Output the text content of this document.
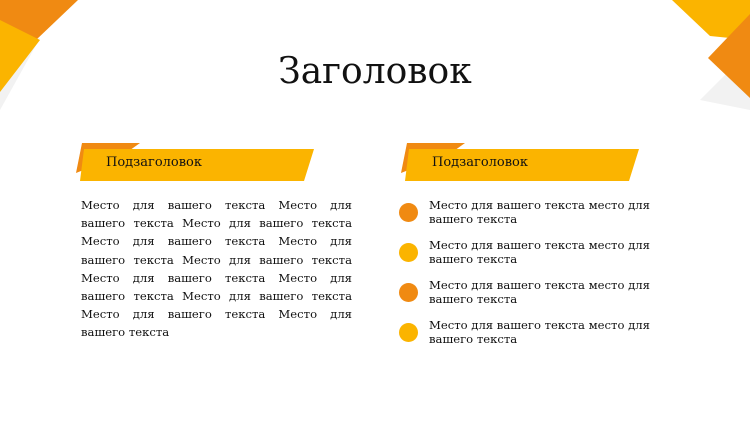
Заголовок
Подзаголовок
Место для вашего текста Место для вашего текста Место для вашего текста Место для вашего текста Место для вашего текста Место для вашего текста Место для вашего текста Место для вашего текста Место для вашего текста Место для вашего текста Место для вашего текста
Подзаголовок
Место для вашего текста место для вашего текста
Место для вашего текста место для вашего текста
Место для вашего текста место для вашего текста
Место для вашего текста место для вашего текста
